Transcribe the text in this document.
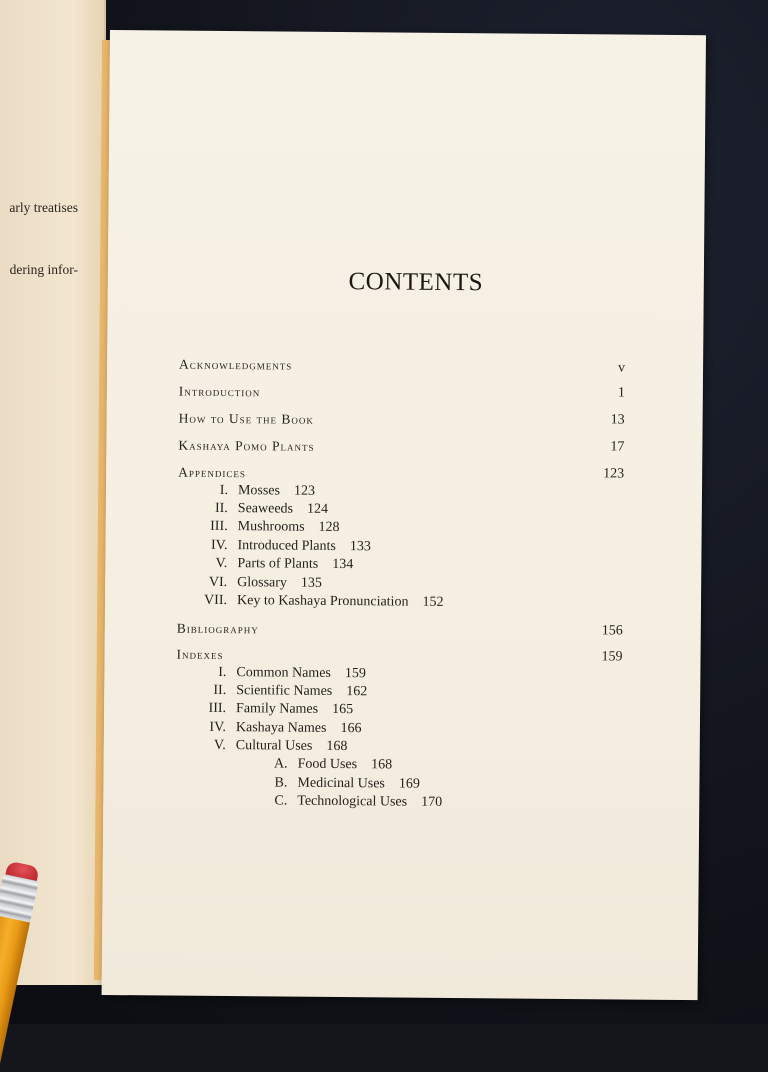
arly treatises
dering infor-	CONTENTS
Acknowledgments	v
Introduction	1
How to Use the Book	13
Kashaya Pomo Plants	17
Appendices	123
I. Mosses 123
II. Seaweeds 124
III. Mushrooms 128
IV. Introduced Plants 133
V. Parts of Plants 134
VI. Glossary 135
VII. Key to Kashaya Pronunciation 152
Bibliography	156
Indexes	159
I. Common Names 159
II. Scientific Names 162
III. Family Names 165
IV. Kashaya Names 166
V. Cultural Uses 168
A. Food Uses 168
B. Medicinal Uses 169
C. Technological Uses 170
